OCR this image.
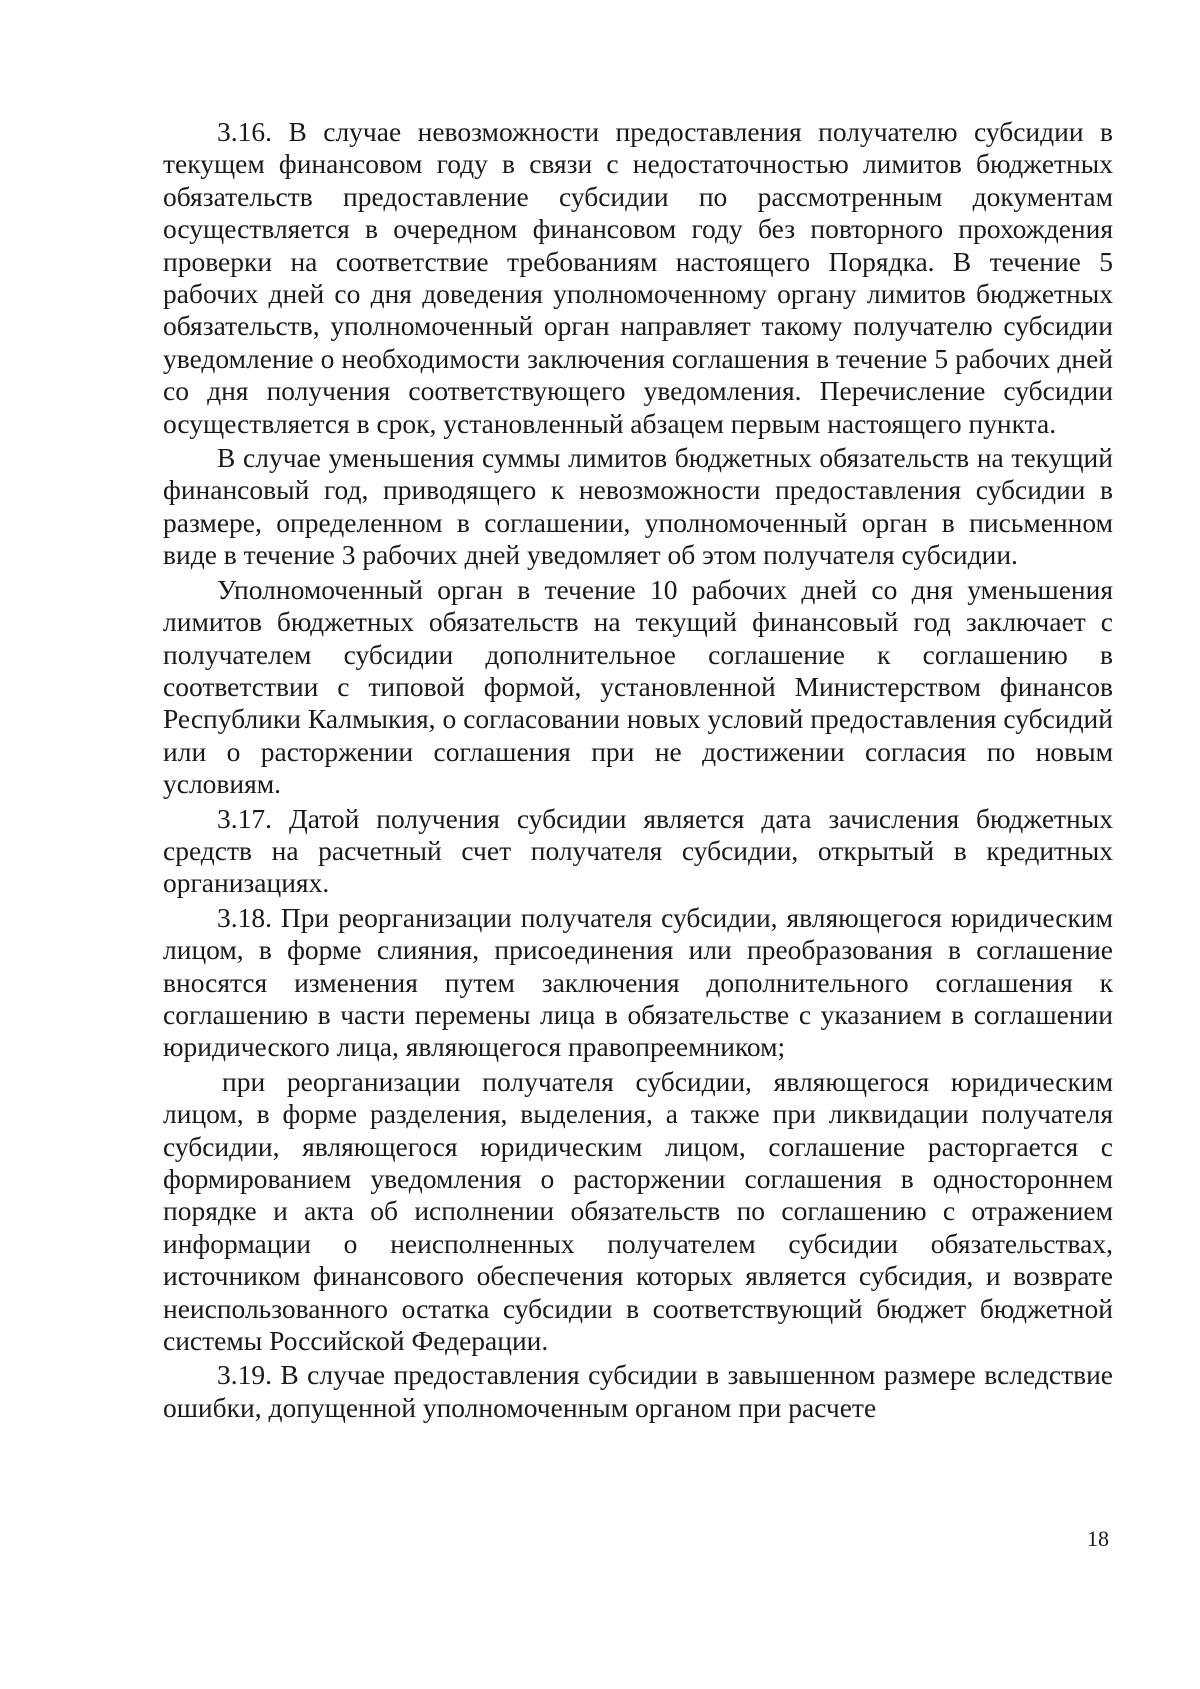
3.16. В случае невозможности предоставления получателю субсидии в текущем финансовом году в связи с недостаточностью лимитов бюджетных обязательств предоставление субсидии по рассмотренным документам осуществляется в очередном финансовом году без повторного прохождения проверки на соответствие требованиям настоящего Порядка. В течение 5 рабочих дней со дня доведения уполномоченному органу лимитов бюджетных обязательств, уполномоченный орган направляет такому получателю субсидии уведомление о необходимости заключения соглашения в течение 5 рабочих дней со дня получения соответствующего уведомления. Перечисление субсидии осуществляется в срок, установленный абзацем первым настоящего пункта.

В случае уменьшения суммы лимитов бюджетных обязательств на текущий финансовый год, приводящего к невозможности предоставления субсидии в размере, определенном в соглашении, уполномоченный орган в письменном виде в течение 3 рабочих дней уведомляет об этом получателя субсидии.

Уполномоченный орган в течение 10 рабочих дней со дня уменьшения лимитов бюджетных обязательств на текущий финансовый год заключает с получателем субсидии дополнительное соглашение к соглашению в соответствии с типовой формой, установленной Министерством финансов Республики Калмыкия, о согласовании новых условий предоставления субсидий или о расторжении соглашения при не достижении согласия по новым условиям.

3.17. Датой получения субсидии является дата зачисления бюджетных средств на расчетный счет получателя субсидии, открытый в кредитных организациях.

3.18. При реорганизации получателя субсидии, являющегося юридическим лицом, в форме слияния, присоединения или преобразования в соглашение вносятся изменения путем заключения дополнительного соглашения к соглашению в части перемены лица в обязательстве с указанием в соглашении юридического лица, являющегося правопреемником;

при реорганизации получателя субсидии, являющегося юридическим лицом, в форме разделения, выделения, а также при ликвидации получателя субсидии, являющегося юридическим лицом, соглашение расторгается с формированием уведомления о расторжении соглашения в одностороннем порядке и акта об исполнении обязательств по соглашению с отражением информации о неисполненных получателем субсидии обязательствах, источником финансового обеспечения которых является субсидия, и возврате неиспользованного остатка субсидии в соответствующий бюджет бюджетной системы Российской Федерации.

3.19. В случае предоставления субсидии в завышенном размере вследствие ошибки, допущенной уполномоченным органом при расчете

18
